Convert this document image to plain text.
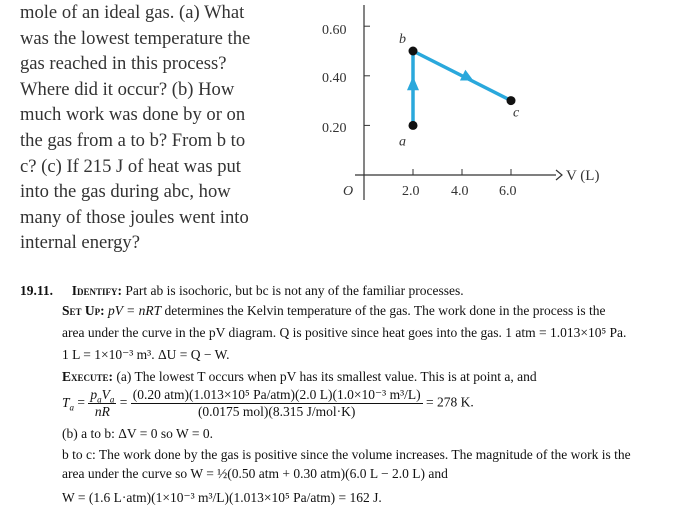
mole of an ideal gas. (a) What
was the lowest temperature the
gas reached in this process?
Where did it occur? (b) How
much work was done by or on
the gas from a to b? From b to
c? (c) If 215 J of heat was put
into the gas during abc, how
many of those joules went into
internal energy?
0.60
0.40
0.20
O	2.0 4.0 6.0
V (L)
a
b
c
19.11. Identify: Part ab is isochoric, but bc is not any of the familiar processes.
Set Up: pV = nRT determines the Kelvin temperature of the gas. The work done in the process is the
area under the curve in the pV diagram. Q is positive since heat goes into the gas. 1 atm = 1.013×10⁵ Pa.
1 L = 1×10⁻³ m³. ΔU = Q − W.
Execute: (a) The lowest T occurs when pV has its smallest value. This is at point a, and
$T_a = \frac{p_aV_a}{nR} = \frac{\text{(0.20 atm)(1.013×10⁵ Pa/atm)(2.0 L)(1.0×10⁻³ m³/L)}}{\text{(0.0175 mol)(8.315 J/mol·K)}} = 278$ K.
(b) a to b: ΔV = 0 so W = 0.
b to c: The work done by the gas is positive since the volume increases. The magnitude of the work is the
area under the curve so W = ½(0.50 atm + 0.30 atm)(6.0 L − 2.0 L) and
W = (1.6 L·atm)(1×10⁻³ m³/L)(1.013×10⁵ Pa/atm) = 162 J.
